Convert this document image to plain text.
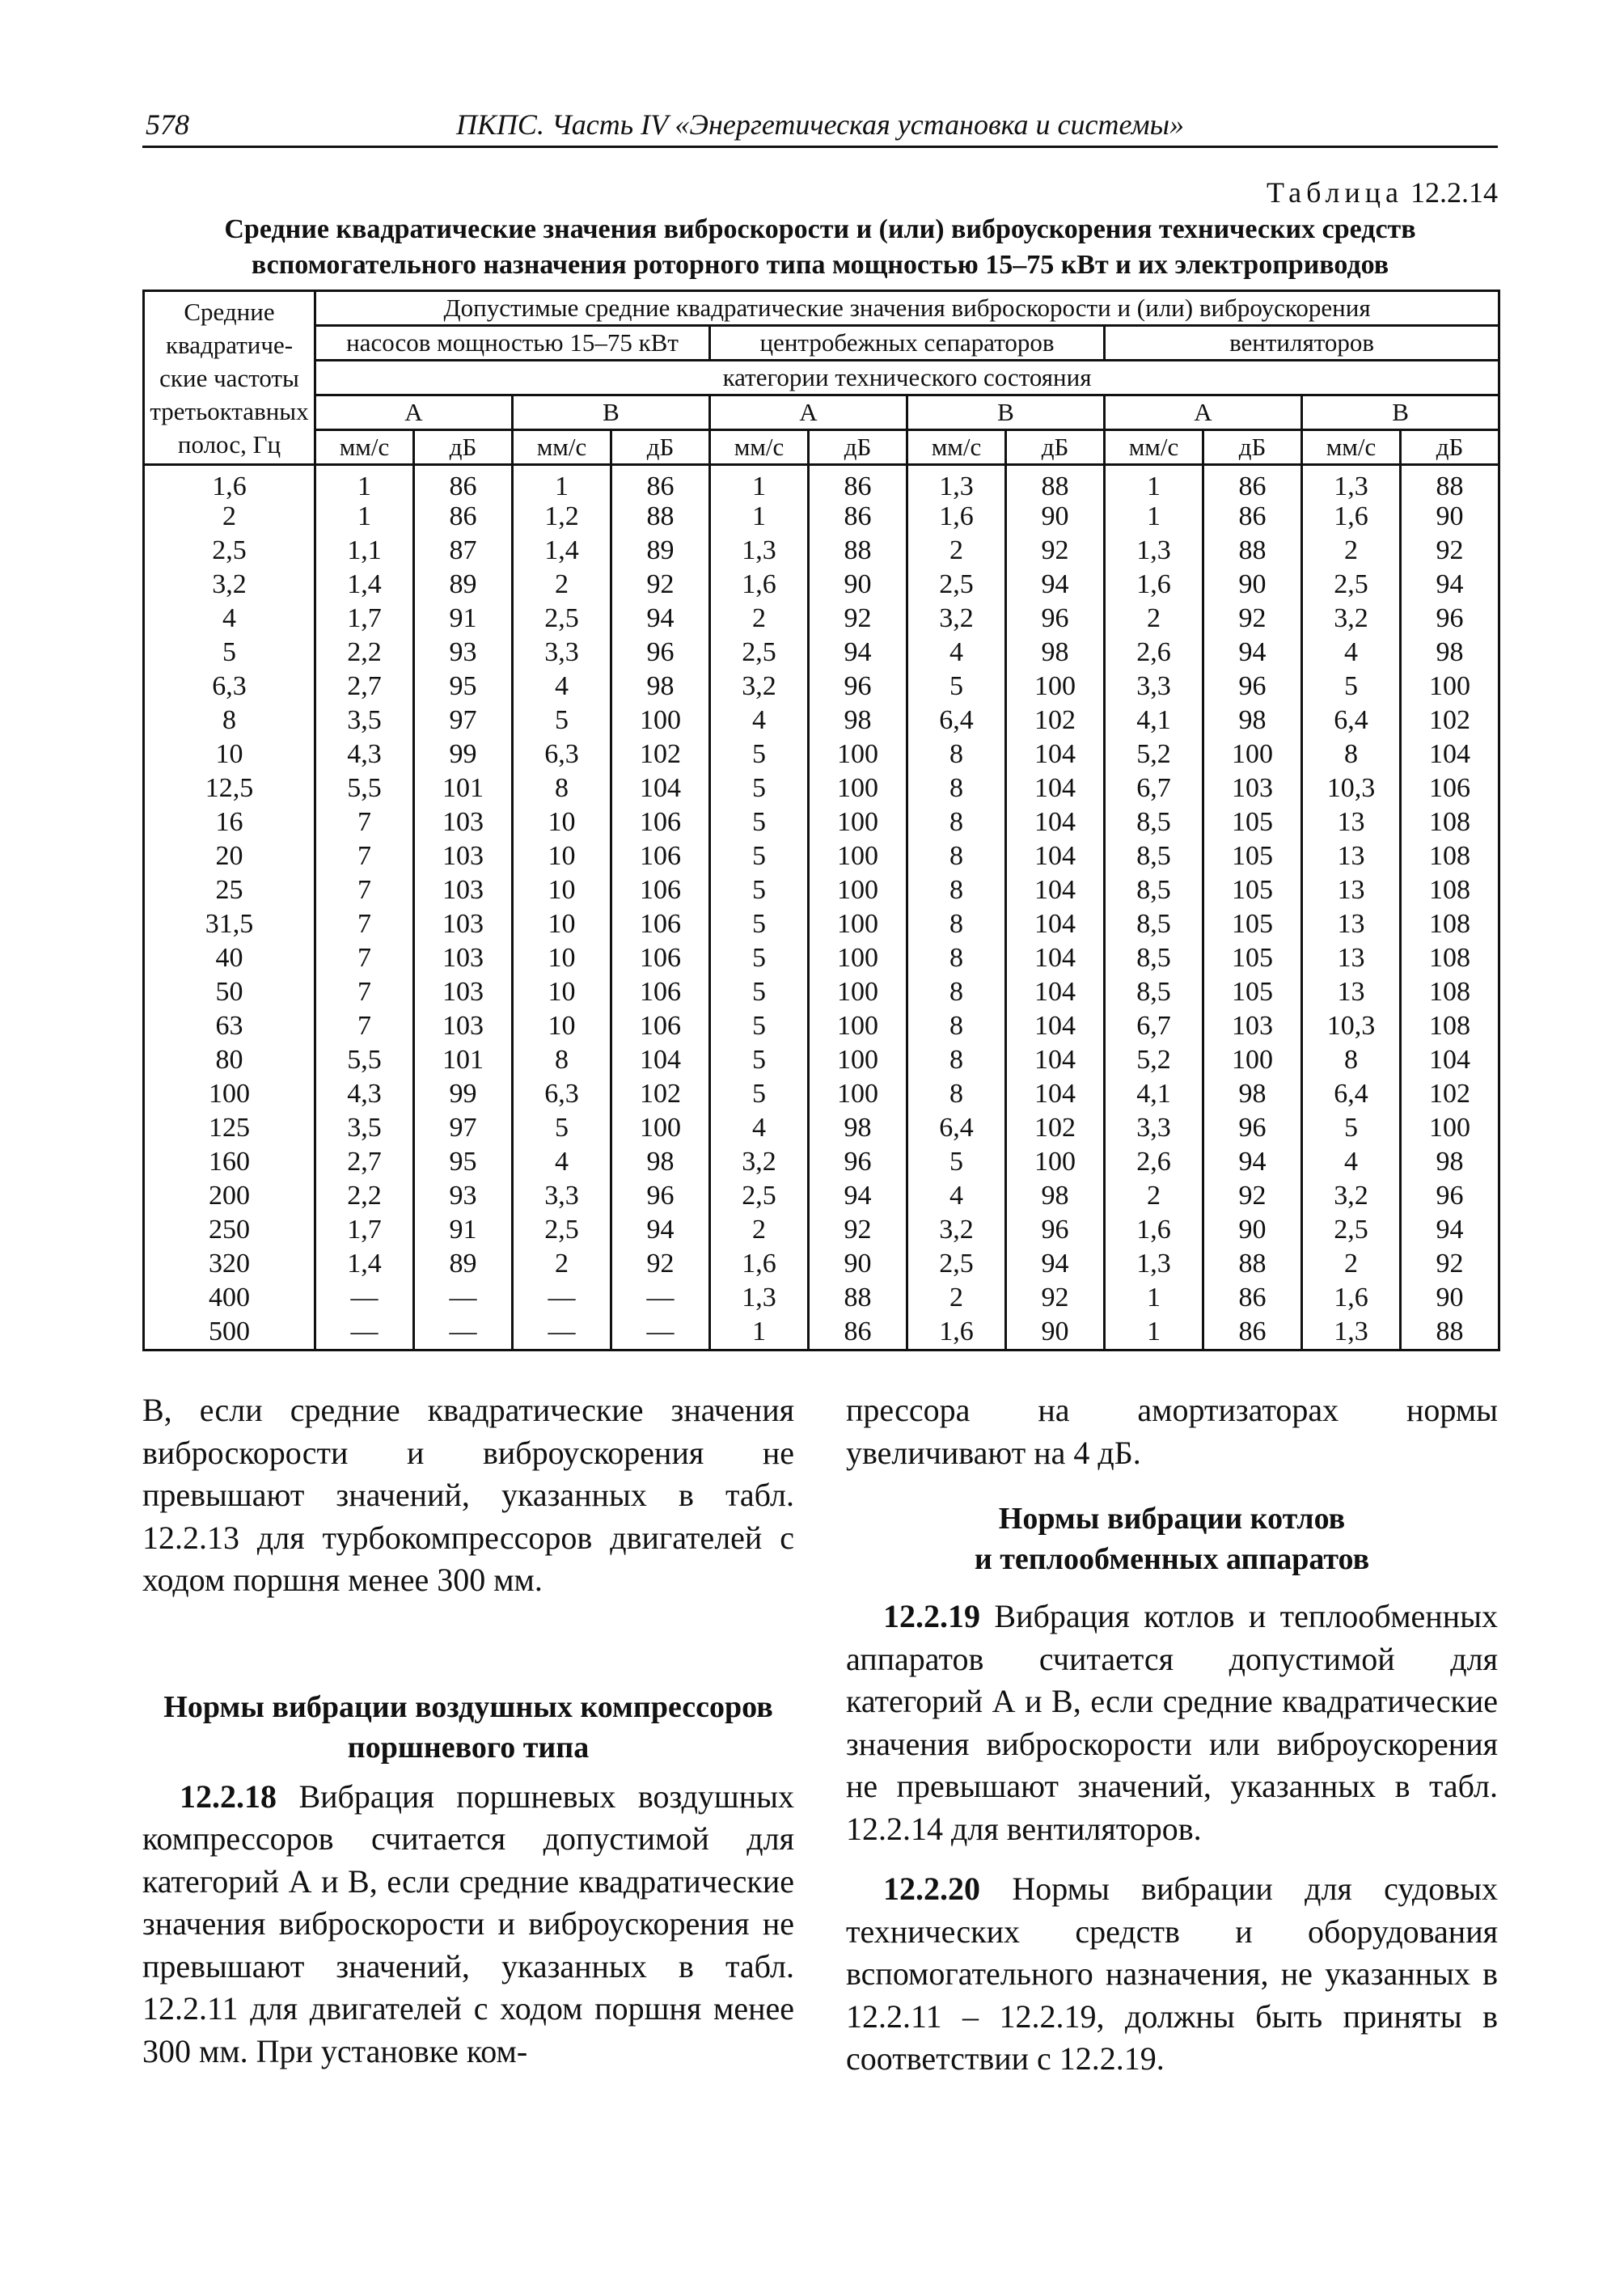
578	ПКПС. Часть IV «Энергетическая установка и системы»
Таблица 12.2.14
Средние квадратические значения виброскорости и (или) виброускорения технических средств
вспомогательного назначения роторного типа мощностью 15–75 кВт и их электроприводов
Средние квадратиче-ские частоты третьоктавных полос, Гц	Допустимые средние квадратические значения виброскорости и (или) виброускорения											
	насосов мощностью 15–75 кВт				центробежных сепараторов				вентиляторов			
	категории технического состояния											
	А		В		А		В		А		В	
	мм/с	дБ	мм/с	дБ	мм/с	дБ	мм/с	дБ	мм/с	дБ	мм/с	дБ
1,6	1	86	1	86	1	86	1,3	88	1	86	1,3	88
2	1	86	1,2	88	1	86	1,6	90	1	86	1,6	90
2,5	1,1	87	1,4	89	1,3	88	2	92	1,3	88	2	92
3,2	1,4	89	2	92	1,6	90	2,5	94	1,6	90	2,5	94
4	1,7	91	2,5	94	2	92	3,2	96	2	92	3,2	96
5	2,2	93	3,3	96	2,5	94	4	98	2,6	94	4	98
6,3	2,7	95	4	98	3,2	96	5	100	3,3	96	5	100
8	3,5	97	5	100	4	98	6,4	102	4,1	98	6,4	102
10	4,3	99	6,3	102	5	100	8	104	5,2	100	8	104
12,5	5,5	101	8	104	5	100	8	104	6,7	103	10,3	106
16	7	103	10	106	5	100	8	104	8,5	105	13	108
20	7	103	10	106	5	100	8	104	8,5	105	13	108
25	7	103	10	106	5	100	8	104	8,5	105	13	108
31,5	7	103	10	106	5	100	8	104	8,5	105	13	108
40	7	103	10	106	5	100	8	104	8,5	105	13	108
50	7	103	10	106	5	100	8	104	8,5	105	13	108
63	7	103	10	106	5	100	8	104	6,7	103	10,3	108
80	5,5	101	8	104	5	100	8	104	5,2	100	8	104
100	4,3	99	6,3	102	5	100	8	104	4,1	98	6,4	102
125	3,5	97	5	100	4	98	6,4	102	3,3	96	5	100
160	2,7	95	4	98	3,2	96	5	100	2,6	94	4	98
200	2,2	93	3,3	96	2,5	94	4	98	2	92	3,2	96
250	1,7	91	2,5	94	2	92	3,2	96	1,6	90	2,5	94
320	1,4	89	2	92	1,6	90	2,5	94	1,3	88	2	92
400	—	—	—	—	1,3	88	2	92	1	86	1,6	90
500	—	—	—	—	1	86	1,6	90	1	86	1,3	88

В, если средние квадратические значения виброскорости и виброускорения не превышают значений, указанных в табл. 12.2.13 для турбокомпрессоров двигателей с ходом поршня менее 300 мм.

Нормы вибрации воздушных компрессоров
поршневого типа

12.2.18 Вибрация поршневых воздушных компрессоров считается допустимой для категорий А и В, если средние квадратические значения виброскорости и виброускорения не превышают значений, указанных в табл. 12.2.11 для двигателей с ходом поршня менее 300 мм. При установке ком-

прессора на амортизаторах нормы увеличивают на 4 дБ.

Нормы вибрации котлов
и теплообменных аппаратов

12.2.19 Вибрация котлов и теплообменных аппаратов считается допустимой для категорий А и В, если средние квадратические значения виброскорости или виброускорения не превышают значений, указанных в табл. 12.2.14 для вентиляторов.

12.2.20 Нормы вибрации для судовых технических средств и оборудования вспомогательного назначения, не указанных в 12.2.11 – 12.2.19, должны быть приняты в соответствии с 12.2.19.
